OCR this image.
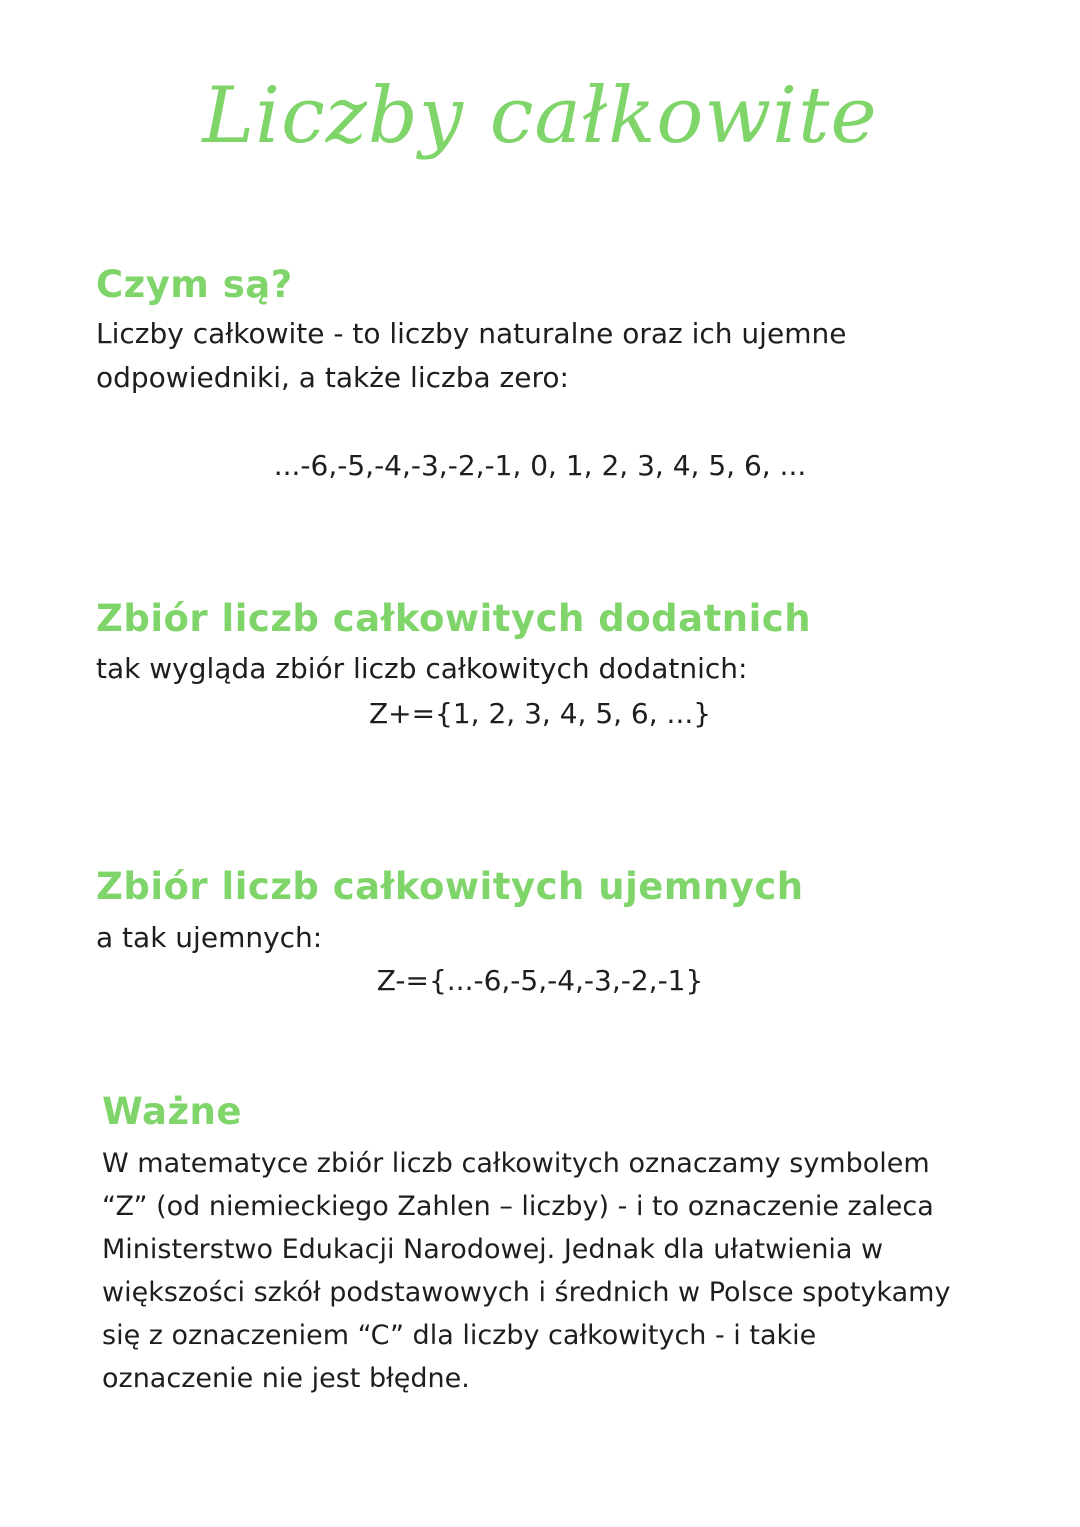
Liczby całkowite
Czym są?

Liczby całkowite - to liczby naturalne oraz ich ujemne odpowiedniki, a także liczba zero:

...-6,-5,-4,-3,-2,-1, 0, 1, 2, 3, 4, 5, 6, ...

Zbiór liczb całkowitych dodatnich

tak wygląda zbiór liczb całkowitych dodatnich:

Z+={1, 2, 3, 4, 5, 6, ...}

Zbiór liczb całkowitych ujemnych

a tak ujemnych:

Z-={...-6,-5,-4,-3,-2,-1}

Ważne

W matematyce zbiór liczb całkowitych oznaczamy symbolem “Z” (od niemieckiego Zahlen – liczby) - i to oznaczenie zaleca Ministerstwo Edukacji Narodowej. Jednak dla ułatwienia w większości szkół podstawowych i średnich w Polsce spotykamy się z oznaczeniem “C” dla liczby całkowitych - i takie oznaczenie nie jest błędne.
